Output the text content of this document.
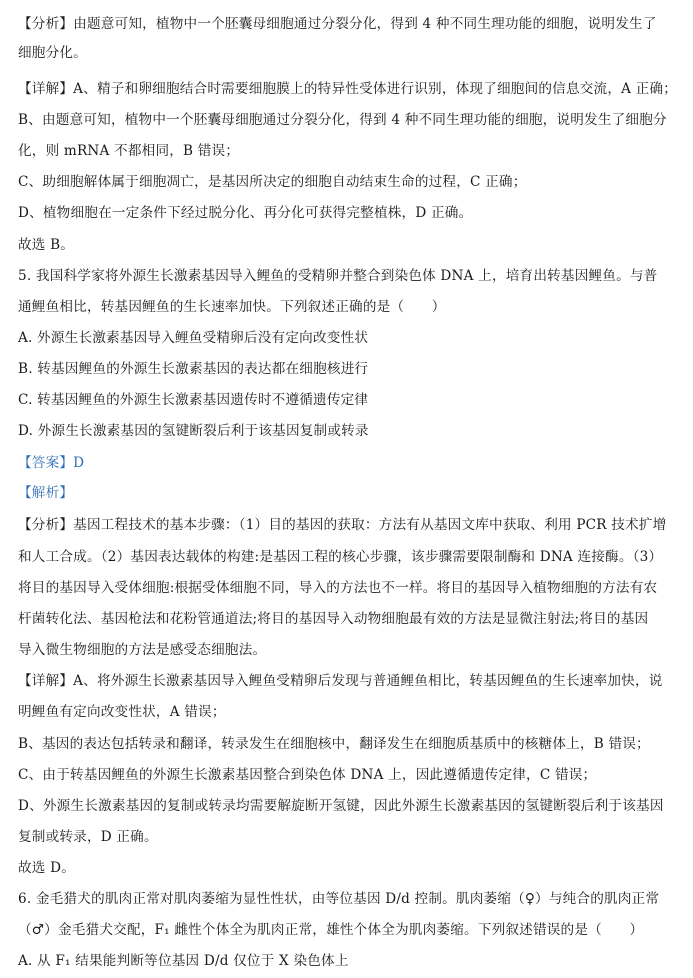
【分析】由题意可知，植物中一个胚囊母细胞通过分裂分化，得到 4 种不同生理功能的细胞，说明发生了
细胞分化。
【详解】A、精子和卵细胞结合时需要细胞膜上的特异性受体进行识别，体现了细胞间的信息交流，A 正确；
B、由题意可知，植物中一个胚囊母细胞通过分裂分化，得到 4 种不同生理功能的细胞，说明发生了细胞分
化，则 mRNA 不都相同，B 错误；
C、助细胞解体属于细胞凋亡，是基因所决定的细胞自动结束生命的过程，C 正确；
D、植物细胞在一定条件下经过脱分化、再分化可获得完整植株，D 正确。
故选 B。
5. 我国科学家将外源生长激素基因导入鲤鱼的受精卵并整合到染色体 DNA 上，培育出转基因鲤鱼。与普
通鲤鱼相比，转基因鲤鱼的生长速率加快。下列叙述正确的是（　　）
A. 外源生长激素基因导入鲤鱼受精卵后没有定向改变性状
B. 转基因鲤鱼的外源生长激素基因的表达都在细胞核进行
C. 转基因鲤鱼的外源生长激素基因遗传时不遵循遗传定律
D. 外源生长激素基因的氢键断裂后利于该基因复制或转录
【答案】D
【解析】
【分析】基因工程技术的基本步骤：（1）目的基因的获取：方法有从基因文库中获取、利用 PCR 技术扩增
和人工合成。（2）基因表达载体的构建:是基因工程的核心步骤，该步骤需要限制酶和 DNA 连接酶。（3）
将目的基因导入受体细胞:根据受体细胞不同，导入的方法也不一样。将目的基因导入植物细胞的方法有农
杆菌转化法、基因枪法和花粉管通道法;将目的基因导入动物细胞最有效的方法是显微注射法;将目的基因
导入微生物细胞的方法是感受态细胞法。
【详解】A、将外源生长激素基因导入鲤鱼受精卵后发现与普通鲤鱼相比，转基因鲤鱼的生长速率加快，说
明鲤鱼有定向改变性状，A 错误；
B、基因的表达包括转录和翻译，转录发生在细胞核中，翻译发生在细胞质基质中的核糖体上，B 错误；
C、由于转基因鲤鱼的外源生长激素基因整合到染色体 DNA 上，因此遵循遗传定律，C 错误；
D、外源生长激素基因的复制或转录均需要解旋断开氢键，因此外源生长激素基因的氢键断裂后利于该基因
复制或转录，D 正确。
故选 D。
6. 金毛猎犬的肌肉正常对肌肉萎缩为显性性状，由等位基因 D/d 控制。肌肉萎缩（♀）与纯合的肌肉正常
（♂）金毛猎犬交配，F₁ 雌性个体全为肌肉正常，雄性个体全为肌肉萎缩。下列叙述错误的是（　　）
A. 从 F₁ 结果能判断等位基因 D/d 仅位于 X 染色体上
